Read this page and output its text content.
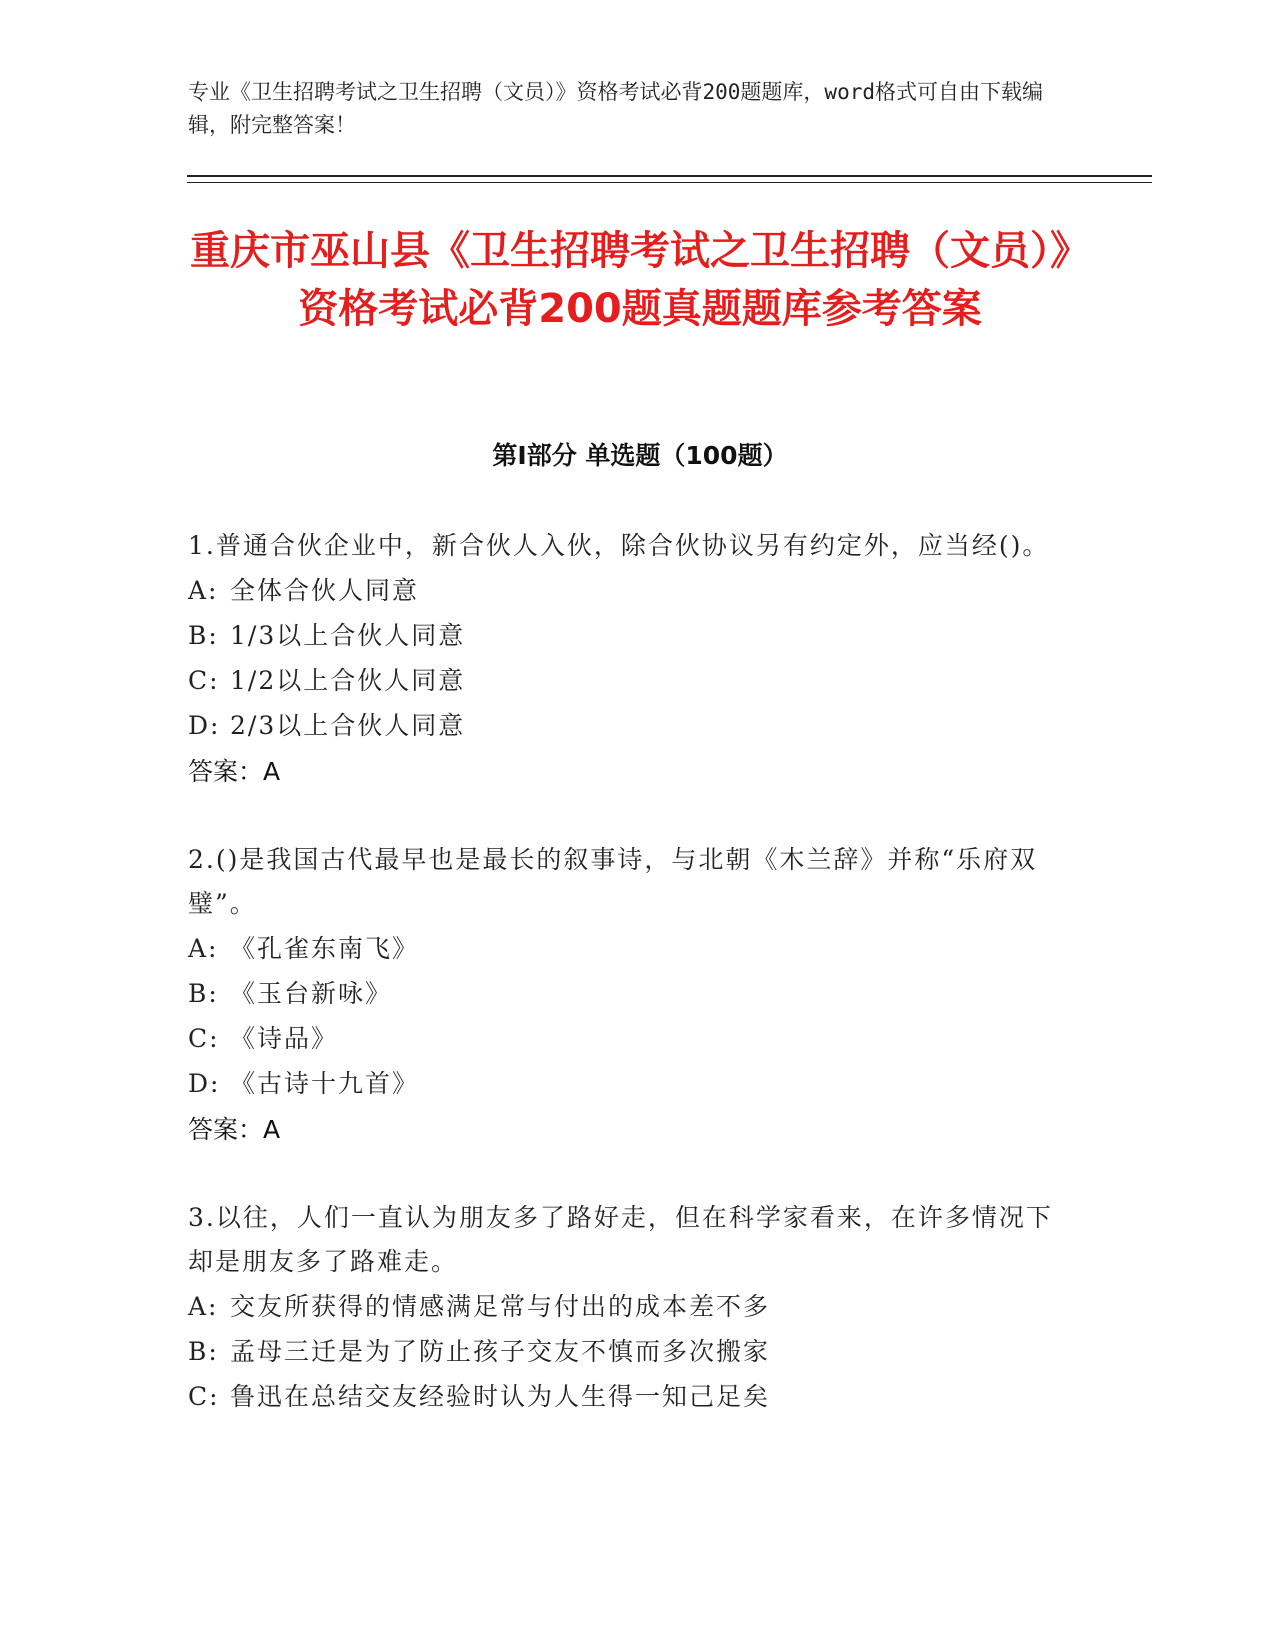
专业《卫生招聘考试之卫生招聘（文员）》资格考试必背200题题库，word格式可自由下载编辑，附完整答案！
重庆市巫山县《卫生招聘考试之卫生招聘（文员）》资格考试必背200题真题题库参考答案
第I部分 单选题（100题）
1.普通合伙企业中，新合伙人入伙，除合伙协议另有约定外，应当经()。
A: 全体合伙人同意
B: 1/3以上合伙人同意
C: 1/2以上合伙人同意
D: 2/3以上合伙人同意
答案：A
2.()是我国古代最早也是最长的叙事诗，与北朝《木兰辞》并称“乐府双璧”。
A: 《孔雀东南飞》
B: 《玉台新咏》
C: 《诗品》
D: 《古诗十九首》
答案：A
3.以往，人们一直认为朋友多了路好走，但在科学家看来，在许多情况下却是朋友多了路难走。
A: 交友所获得的情感满足常与付出的成本差不多
B: 孟母三迁是为了防止孩子交友不慎而多次搬家
C: 鲁迅在总结交友经验时认为人生得一知己足矣
